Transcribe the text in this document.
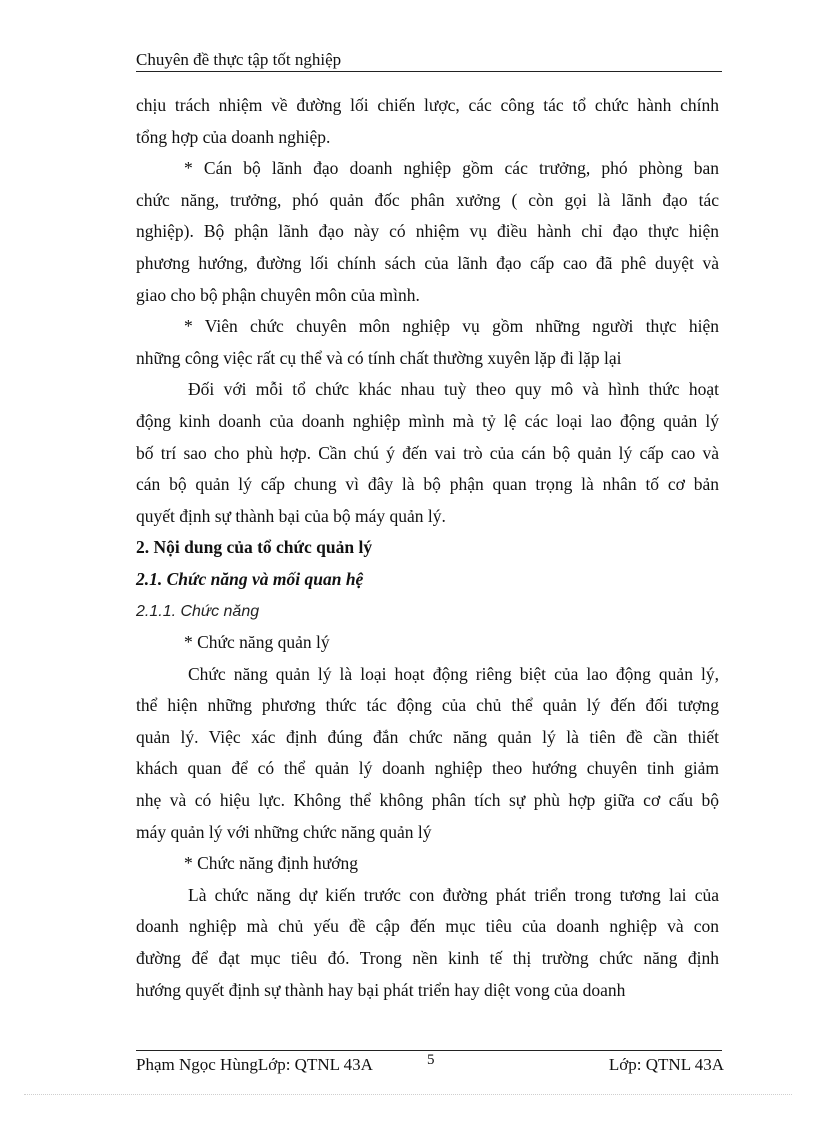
Chuyên đề thực tập tốt nghiệp

chịu trách nhiệm về đường lối chiến lược, các công tác tổ chức hành chính
tổng hợp của doanh nghiệp.

* Cán bộ lãnh đạo doanh nghiệp gồm các trưởng, phó phòng ban
chức năng, trưởng, phó quản đốc phân xưởng ( còn gọi là lãnh đạo tác
nghiệp). Bộ phận lãnh đạo này có nhiệm vụ điều hành chỉ đạo thực hiện
phương hướng, đường lối chính sách của lãnh đạo cấp cao đã phê duyệt và
giao cho bộ phận chuyên môn của mình.

* Viên chức chuyên môn nghiệp vụ gồm những người thực hiện
những công việc rất cụ thể và có tính chất thường xuyên lặp đi lặp lại

Đối với mỗi tổ chức khác nhau tuỳ theo quy mô và hình thức hoạt
động kinh doanh của doanh nghiệp mình mà tỷ lệ các loại lao động quản lý
bố trí sao cho phù hợp. Cần chú ý đến vai trò của cán bộ quản lý cấp cao và
cán bộ quản lý cấp chung vì đây là bộ phận quan trọng là nhân tố cơ bản
quyết định sự thành bại của bộ máy quản lý.

2. Nội dung của tổ chức quản lý
2.1. Chức năng và mối quan hệ
2.1.1. Chức năng
* Chức năng quản lý

Chức năng quản lý là loại hoạt động riêng biệt của lao động quản lý,
thể hiện những phương thức tác động của chủ thể quản lý đến đối tượng
quản lý. Việc xác định đúng đắn chức năng quản lý là tiên đề cần thiết
khách quan để có thể quản lý doanh nghiệp theo hướng chuyên tinh giảm
nhẹ và có hiệu lực. Không thể không phân tích sự phù hợp giữa cơ cấu bộ
máy quản lý với những chức năng quản lý

* Chức năng định hướng

Là chức năng dự kiến trước con đường phát triển trong tương lai của
doanh nghiệp mà chủ yếu đề cập đến mục tiêu của doanh nghiệp và con
đường để đạt mục tiêu đó. Trong nền kinh tế thị trường chức năng định
hướng quyết định sự thành hay bại phát triển hay diệt vong của doanh

Phạm Ngọc HùngLớp: QTNL 43A	5	Lớp: QTNL 43A
